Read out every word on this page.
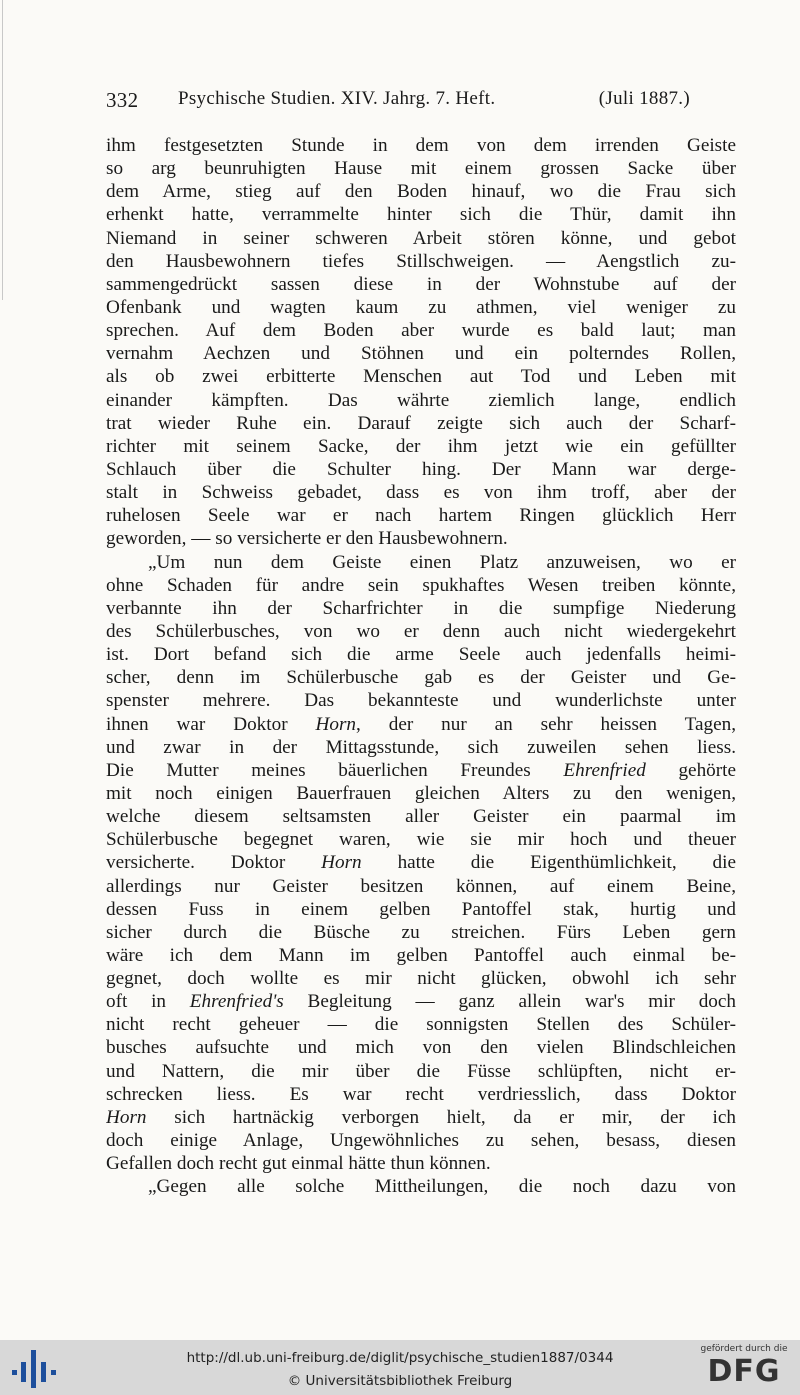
332 Psychische Studien. XIV. Jahrg. 7. Heft.	(Juli 1887.)
ihm festgesetzten Stunde in dem von dem irrenden Geiste
so arg beunruhigten Hause mit einem grossen Sacke über
dem Arme, stieg auf den Boden hinauf, wo die Frau sich
erhenkt hatte, verrammelte hinter sich die Thür, damit ihn
Niemand in seiner schweren Arbeit stören könne, und gebot
den Hausbewohnern tiefes Stillschweigen. — Aengstlich zu-
sammengedrückt sassen diese in der Wohnstube auf der
Ofenbank und wagten kaum zu athmen, viel weniger zu
sprechen. Auf dem Boden aber wurde es bald laut; man
vernahm Aechzen und Stöhnen und ein polterndes Rollen,
als ob zwei erbitterte Menschen aut Tod und Leben mit
einander kämpften. Das währte ziemlich lange, endlich
trat wieder Ruhe ein. Darauf zeigte sich auch der Scharf-
richter mit seinem Sacke, der ihm jetzt wie ein gefüllter
Schlauch über die Schulter hing. Der Mann war derge-
stalt in Schweiss gebadet, dass es von ihm troff, aber der
ruhelosen Seele war er nach hartem Ringen glücklich Herr
geworden, — so versicherte er den Hausbewohnern.
„Um nun dem Geiste einen Platz anzuweisen, wo er
ohne Schaden für andre sein spukhaftes Wesen treiben könnte,
verbannte ihn der Scharfrichter in die sumpfige Niederung
des Schülerbusches, von wo er denn auch nicht wiedergekehrt
ist. Dort befand sich die arme Seele auch jedenfalls heimi-
scher, denn im Schülerbusche gab es der Geister und Ge-
spenster mehrere. Das bekannteste und wunderlichste unter
ihnen war Doktor Horn, der nur an sehr heissen Tagen,
und zwar in der Mittagsstunde, sich zuweilen sehen liess.
Die Mutter meines bäuerlichen Freundes Ehrenfried gehörte
mit noch einigen Bauerfrauen gleichen Alters zu den wenigen,
welche diesem seltsamsten aller Geister ein paarmal im
Schülerbusche begegnet waren, wie sie mir hoch und theuer
versicherte. Doktor Horn hatte die Eigenthümlichkeit, die
allerdings nur Geister besitzen können, auf einem Beine,
dessen Fuss in einem gelben Pantoffel stak, hurtig und
sicher durch die Büsche zu streichen. Fürs Leben gern
wäre ich dem Mann im gelben Pantoffel auch einmal be-
gegnet, doch wollte es mir nicht glücken, obwohl ich sehr
oft in Ehrenfried's Begleitung — ganz allein war's mir doch
nicht recht geheuer — die sonnigsten Stellen des Schüler-
busches aufsuchte und mich von den vielen Blindschleichen
und Nattern, die mir über die Füsse schlüpften, nicht er-
schrecken liess. Es war recht verdriesslich, dass Doktor
Horn sich hartnäckig verborgen hielt, da er mir, der ich
doch einige Anlage, Ungewöhnliches zu sehen, besass, diesen
Gefallen doch recht gut einmal hätte thun können.
„Gegen alle solche Mittheilungen, die noch dazu von
http://dl.ub.uni-freiburg.de/diglit/psychische_studien1887/0344
© Universitätsbibliothek Freiburg
gefördert durch die
DFG
